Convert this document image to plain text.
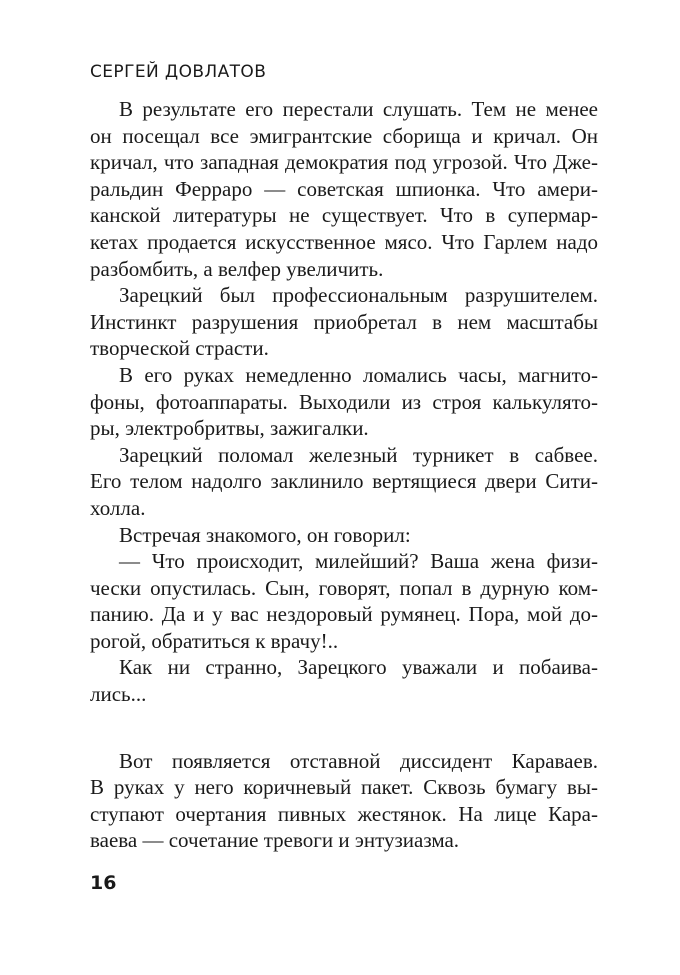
СЕРГЕЙ ДОВЛАТОВ
В результате его перестали слушать. Тем не менее
он посещал все эмигрантские сборища и кричал. Он
кричал, что западная демократия под угрозой. Что Дже-
ральдин Ферраро — советская шпионка. Что амери-
канской литературы не существует. Что в супермар-
кетах продается искусственное мясо. Что Гарлем надо
разбомбить, а велфер увеличить.
Зарецкий был профессиональным разрушителем.
Инстинкт разрушения приобретал в нем масштабы
творческой страсти.
В его руках немедленно ломались часы, магнито-
фоны, фотоаппараты. Выходили из строя калькулято-
ры, электробритвы, зажигалки.
Зарецкий поломал железный турникет в сабвее.
Его телом надолго заклинило вертящиеся двери Сити-
холла.
Встречая знакомого, он говорил:
— Что происходит, милейший? Ваша жена физи-
чески опустилась. Сын, говорят, попал в дурную ком-
панию. Да и у вас нездоровый румянец. Пора, мой до-
рогой, обратиться к врачу!..
Как ни странно, Зарецкого уважали и побаива-
лись...
Вот появляется отставной диссидент Караваев.
В руках у него коричневый пакет. Сквозь бумагу вы-
ступают очертания пивных жестянок. На лице Кара-
ваева — сочетание тревоги и энтузиазма.
16
